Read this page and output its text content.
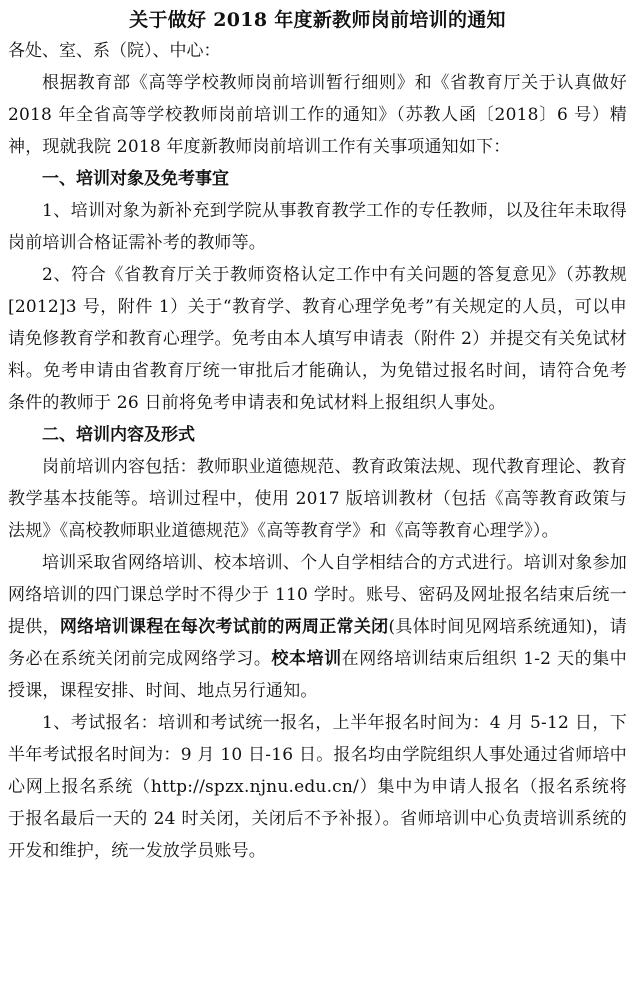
关于做好 2018 年度新教师岗前培训的通知

各处、室、系（院）、中心：

根据教育部《高等学校教师岗前培训暂行细则》和《省教育厅关于认真做好 2018 年全省高等学校教师岗前培训工作的通知》（苏教人函〔2018〕6 号）精神，现就我院 2018 年度新教师岗前培训工作有关事项通知如下：

一、培训对象及免考事宜

1、培训对象为新补充到学院从事教育教学工作的专任教师，以及往年未取得岗前培训合格证需补考的教师等。

2、符合《省教育厅关于教师资格认定工作中有关问题的答复意见》（苏教规[2012]3 号，附件 1）关于“教育学、教育心理学免考”有关规定的人员，可以申请免修教育学和教育心理学。免考由本人填写申请表（附件 2）并提交有关免试材料。免考申请由省教育厅统一审批后才能确认，为免错过报名时间，请符合免考条件的教师于 26 日前将免考申请表和免试材料上报组织人事处。

二、培训内容及形式

岗前培训内容包括：教师职业道德规范、教育政策法规、现代教育理论、教育教学基本技能等。培训过程中，使用 2017 版培训教材（包括《高等教育政策与法规》《高校教师职业道德规范》《高等教育学》和《高等教育心理学》）。

培训采取省网络培训、校本培训、个人自学相结合的方式进行。培训对象参加网络培训的四门课总学时不得少于 110 学时。账号、密码及网址报名结束后统一提供，网络培训课程在每次考试前的两周正常关闭(具体时间见网培系统通知)，请务必在系统关闭前完成网络学习。校本培训在网络培训结束后组织 1-2 天的集中授课，课程安排、时间、地点另行通知。

1、考试报名：培训和考试统一报名，上半年报名时间为：4 月 5-12 日，下半年考试报名时间为：9 月 10 日-16 日。报名均由学院组织人事处通过省师培中心网上报名系统（http://spzx.njnu.edu.cn/）集中为申请人报名（报名系统将于报名最后一天的 24 时关闭，关闭后不予补报）。省师培训中心负责培训系统的开发和维护，统一发放学员账号。
